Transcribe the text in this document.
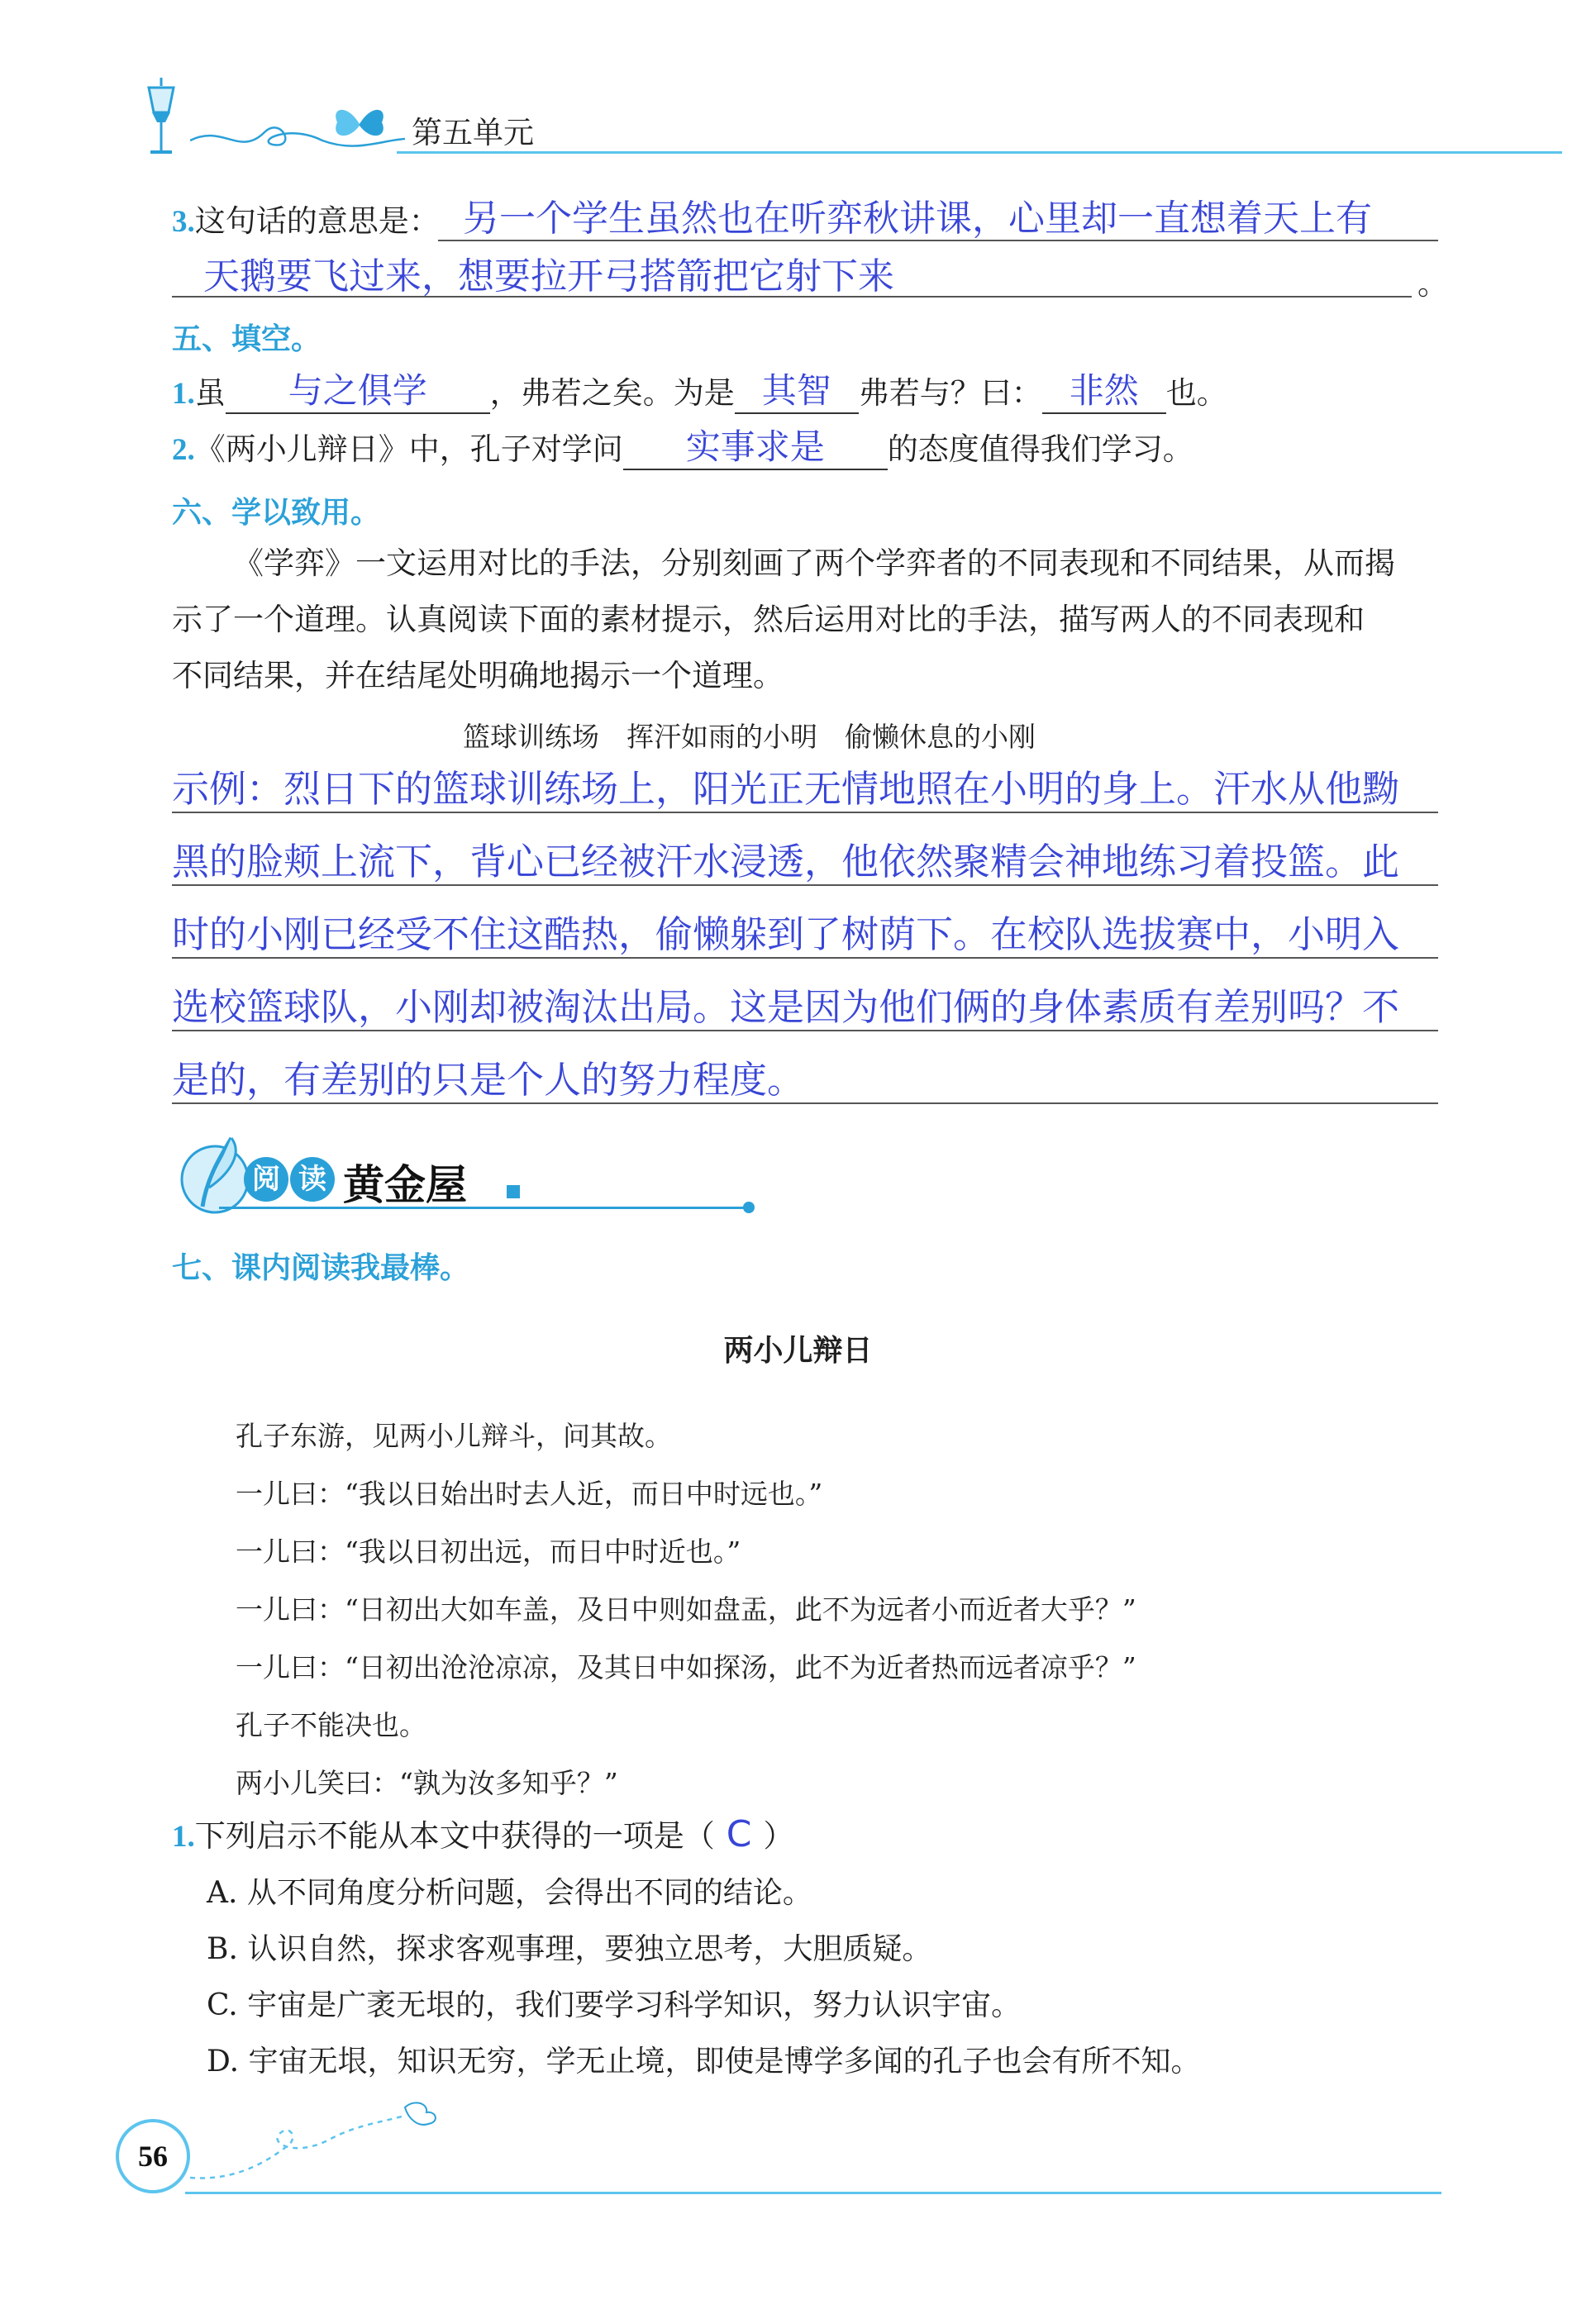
第五单元
3.这句话的意思是： 另一个学生虽然也在听弈秋讲课，心里却一直想着天上有
天鹅要飞过来，想要拉开弓搭箭把它射下来	。
五、填空。
1.虽	与之俱学	，弗若之矣。为是 其智 弗若与？曰： 非然 也。
2.《两小儿辩日》中，孔子对学问	实事求是	的态度值得我们学习。
六、学以致用。
《学弈》一文运用对比的手法，分别刻画了两个学弈者的不同表现和不同结果，从而揭
示了一个道理。认真阅读下面的素材提示，然后运用对比的手法，描写两人的不同表现和
不同结果，并在结尾处明确地揭示一个道理。
篮球训练场　挥汗如雨的小明　偷懒休息的小刚
示例：烈日下的篮球训练场上，阳光正无情地照在小明的身上。汗水从他黝
黑的脸颊上流下，背心已经被汗水浸透，他依然聚精会神地练习着投篮。此
时的小刚已经受不住这酷热，偷懒躲到了树荫下。在校队选拔赛中，小明入
选校篮球队，小刚却被淘汰出局。这是因为他们俩的身体素质有差别吗？不
是的，有差别的只是个人的努力程度。
阅 读 黄金屋
七、课内阅读我最棒。
两小儿辩日
孔子东游，见两小儿辩斗，问其故。
一儿曰：“我以日始出时去人近，而日中时远也。”
一儿曰：“我以日初出远，而日中时近也。”
一儿曰：“日初出大如车盖，及日中则如盘盂，此不为远者小而近者大乎？”
一儿曰：“日初出沧沧凉凉，及其日中如探汤，此不为近者热而远者凉乎？”
孔子不能决也。
两小儿笑曰：“孰为汝多知乎？”
1.下列启示不能从本文中获得的一项是（ C ）
A. 从不同角度分析问题，会得出不同的结论。
B. 认识自然，探求客观事理，要独立思考，大胆质疑。
C. 宇宙是广袤无垠的，我们要学习科学知识，努力认识宇宙。
D. 宇宙无垠，知识无穷，学无止境，即使是博学多闻的孔子也会有所不知。
56
